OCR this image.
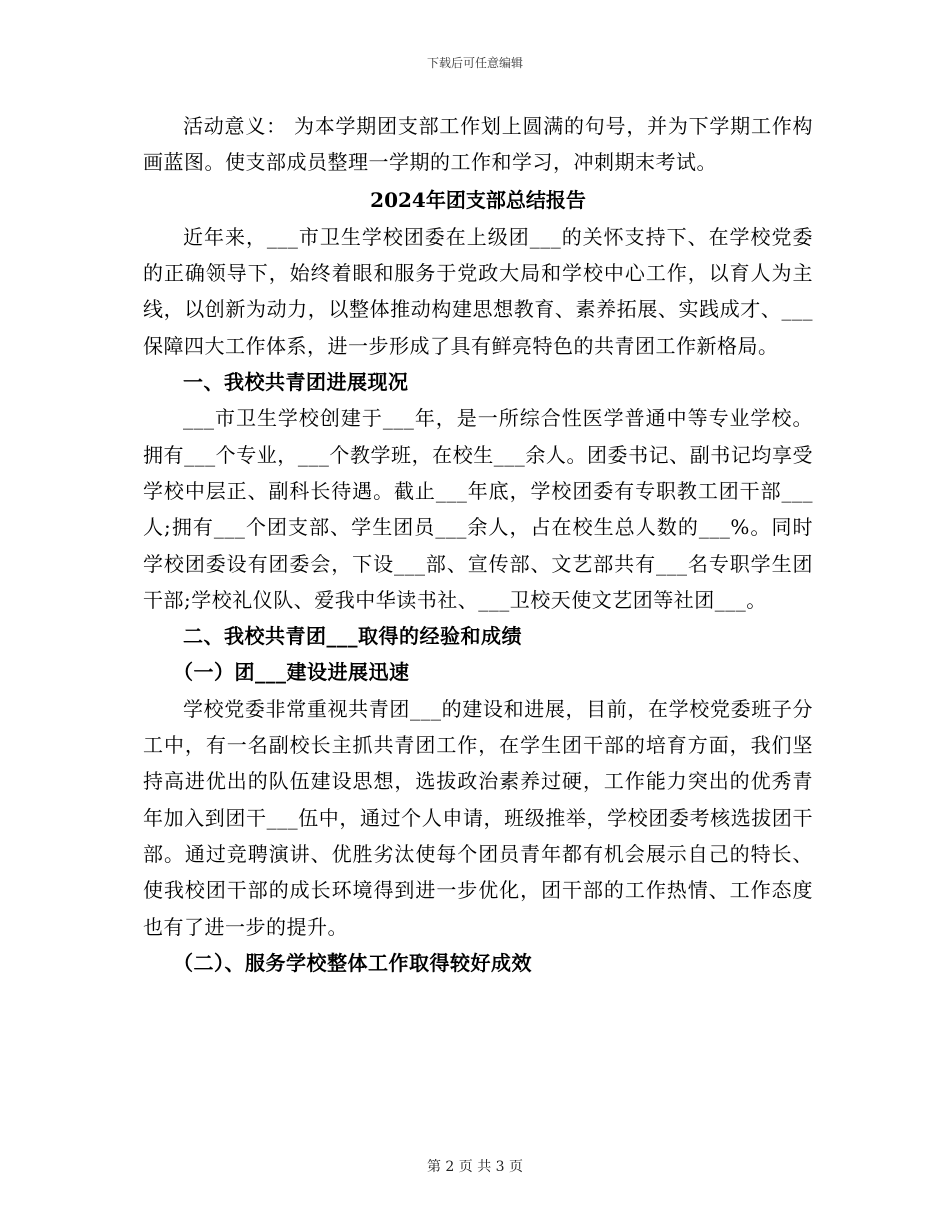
下载后可任意编辑

活动意义： 为本学期团支部工作划上圆满的句号，并为下学期工作构画蓝图。使支部成员整理一学期的工作和学习，冲刺期末考试。

2024年团支部总结报告

近年来，___市卫生学校团委在上级团___的关怀支持下、在学校党委的正确领导下，始终着眼和服务于党政大局和学校中心工作，以育人为主线，以创新为动力，以整体推动构建思想教育、素养拓展、实践成才、___保障四大工作体系，进一步形成了具有鲜亮特色的共青团工作新格局。

一、我校共青团进展现况

___市卫生学校创建于___年，是一所综合性医学普通中等专业学校。拥有___个专业，___个教学班，在校生___余人。团委书记、副书记均享受学校中层正、副科长待遇。截止___年底，学校团委有专职教工团干部___人;拥有___个团支部、学生团员___余人，占在校生总人数的___%。同时学校团委设有团委会，下设___部、宣传部、文艺部共有___名专职学生团干部;学校礼仪队、爱我中华读书社、___卫校天使文艺团等社团___。

二、我校共青团___取得的经验和成绩

（一）团___建设进展迅速

学校党委非常重视共青团___的建设和进展，目前，在学校党委班子分工中，有一名副校长主抓共青团工作，在学生团干部的培育方面，我们坚持高进优出的队伍建设思想，选拔政治素养过硬，工作能力突出的优秀青年加入到团干___伍中，通过个人申请，班级推举，学校团委考核选拔团干部。通过竞聘演讲、优胜劣汰使每个团员青年都有机会展示自己的特长、使我校团干部的成长环境得到进一步优化，团干部的工作热情、工作态度也有了进一步的提升。

（二）、服务学校整体工作取得较好成效

第 2 页 共 3 页
